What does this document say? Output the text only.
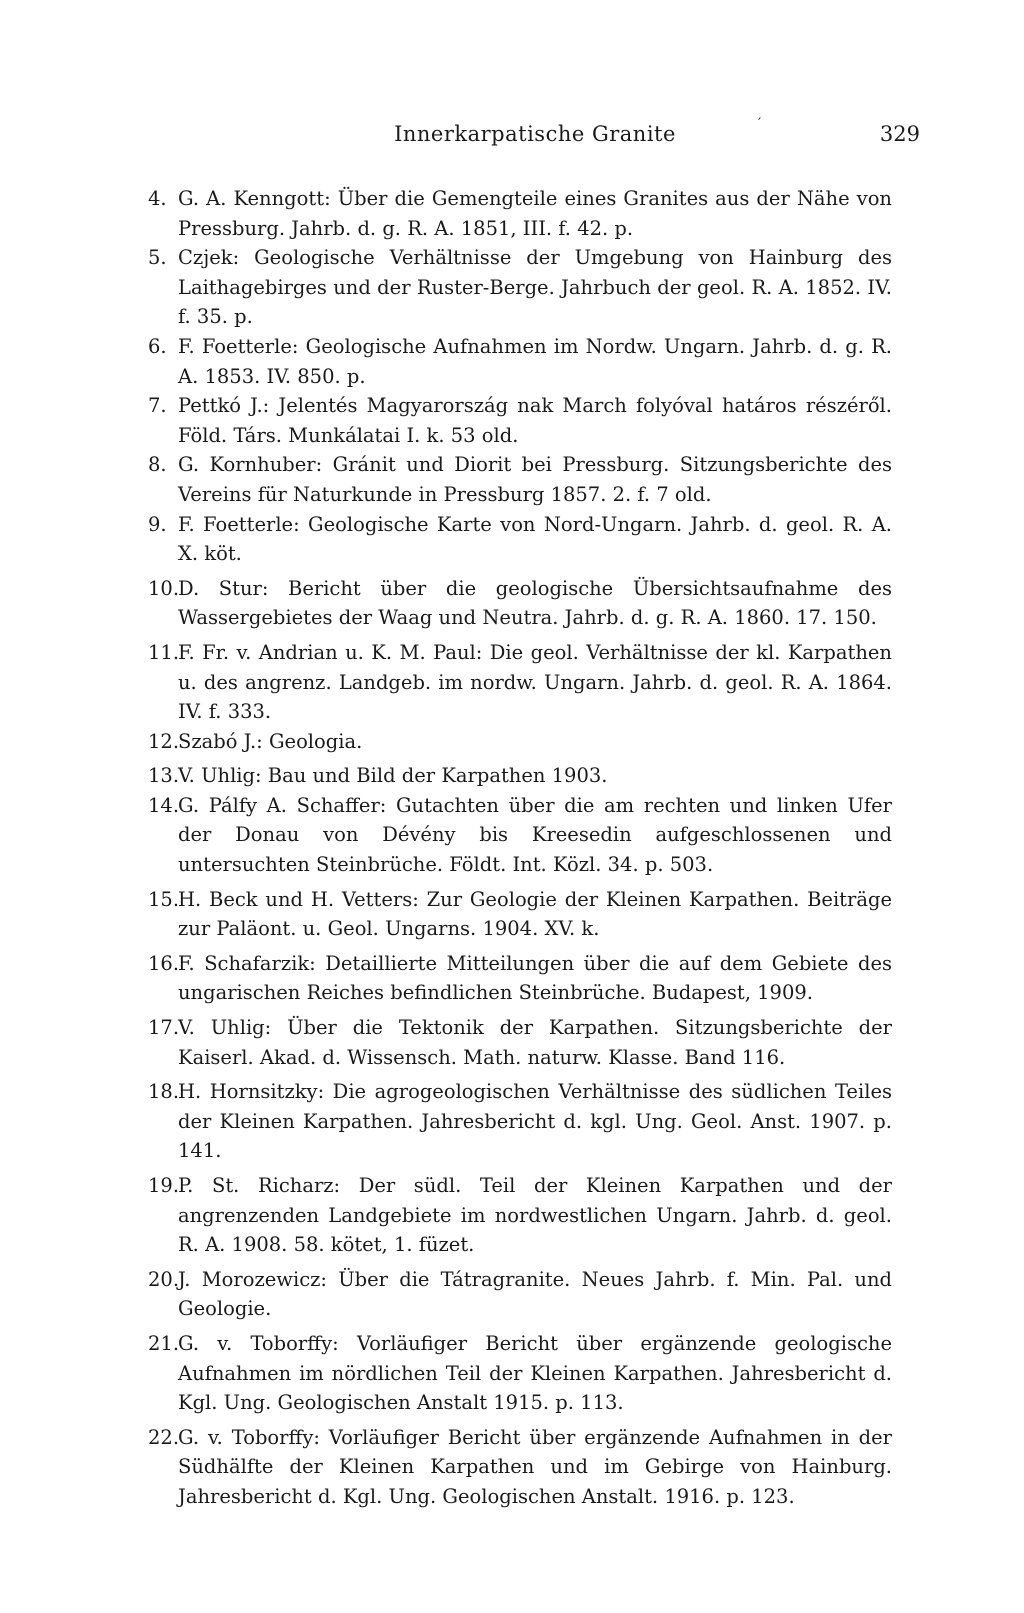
Innerkarpatische Granite	′	329
4. G. A. Kenngott: Über die Gemengteile eines Granites aus der Nähe von Pressburg. Jahrb. d. g. R. A. 1851, III. f. 42. p.
5. Czjek: Geologische Verhältnisse der Umgebung von Hainburg des Laithagebirges und der Ruster-Berge. Jahrbuch der geol. R. A. 1852. IV. f. 35. p.
6. F. Foetterle: Geologische Aufnahmen im Nordw. Ungarn. Jahrb. d. g. R. A. 1853. IV. 850. p.
7. Pettkó J.: Jelentés Magyarország nak March folyóval határos részéről. Föld. Társ. Munkálatai I. k. 53 old.
8. G. Kornhuber: Gránit und Diorit bei Pressburg. Sitzungsberichte des Vereins für Naturkunde in Pressburg 1857. 2. f. 7 old.
9. F. Foetterle: Geologische Karte von Nord-Ungarn. Jahrb. d. geol. R. A. X. köt.
10.
D. Stur: Bericht über die geologische Übersichtsaufnahme des Wassergebietes der Waag und Neutra. Jahrb. d. g. R. A. 1860. 17. 150.
11.
F. Fr. v. Andrian u. K. M. Paul: Die geol. Verhältnisse der kl. Karpathen u. des angrenz. Landgeb. im nordw. Ungarn. Jahrb. d. geol. R. A. 1864. IV. f. 333.
12.
Szabó J.: Geologia.
13.
V. Uhlig: Bau und Bild der Karpathen 1903.
14.
G. Pálfy A. Schaffer: Gutachten über die am rechten und linken Ufer der Donau von Dévény bis Kreesedin aufgeschlossenen und untersuchten Steinbrüche. Földt. Int. Közl. 34. p. 503.
15.
H. Beck und H. Vetters: Zur Geologie der Kleinen Karpathen. Beiträge zur Paläont. u. Geol. Ungarns. 1904. XV. k.
16.
F. Schafarzik: Detaillierte Mitteilungen über die auf dem Gebiete des ungarischen Reiches befindlichen Steinbrüche. Budapest, 1909.
17.
V. Uhlig: Über die Tektonik der Karpathen. Sitzungsberichte der Kaiserl. Akad. d. Wissensch. Math. naturw. Klasse. Band 116.
18.
H. Hornsitzky: Die agrogeologischen Verhältnisse des südlichen Teiles der Kleinen Karpathen. Jahresbericht d. kgl. Ung. Geol. Anst. 1907. p. 141.
19.
P. St. Richarz: Der südl. Teil der Kleinen Karpathen und der angrenzenden Landgebiete im nordwestlichen Ungarn. Jahrb. d. geol. R. A. 1908. 58. kötet, 1. füzet.
20.
J. Morozewicz: Über die Tátragranite. Neues Jahrb. f. Min. Pal. und Geologie.
21.
G. v. Toborffy: Vorläufiger Bericht über ergänzende geologische Aufnahmen im nördlichen Teil der Kleinen Karpathen. Jahresbericht d. Kgl. Ung. Geologischen Anstalt 1915. p. 113.
22.
G. v. Toborffy: Vorläufiger Bericht über ergänzende Aufnahmen in der Südhälfte der Kleinen Karpathen und im Gebirge von Hainburg. Jahresbericht d. Kgl. Ung. Geologischen Anstalt. 1916. p. 123.
